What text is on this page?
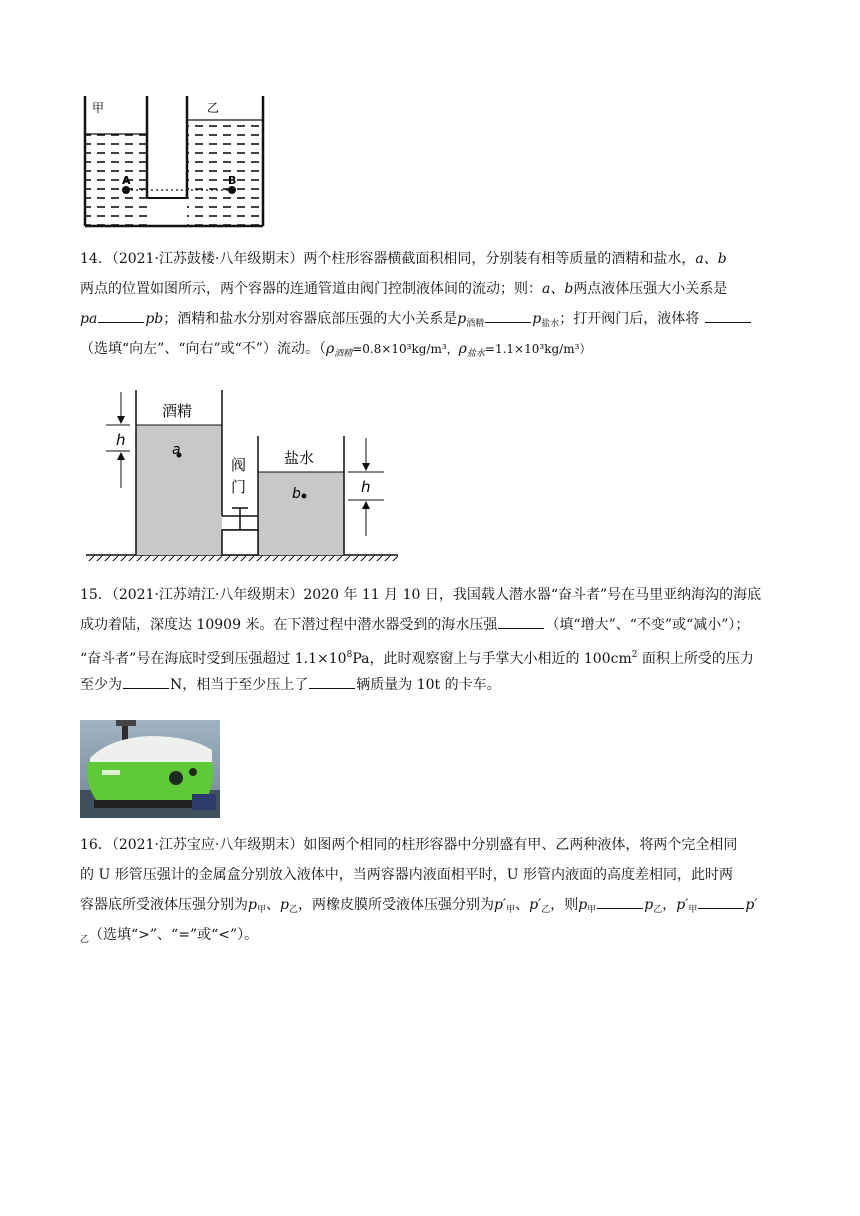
甲	乙
A	B
14．（2021·江苏鼓楼·八年级期末）两个柱形容器横截面积相同，分别装有相等质量的酒精和盐水，a、b
两点的位置如图所示，两个容器的连通管道由阀门控制液体间的流动；则：a、b两点液体压强大小关系是
pa	pb；酒精和盐水分别对容器底部压强的大小关系是$p_{酒精}$	$p_{盐水}$；打开阀门后，液体将
（选填“向左”、“向右”或“不”）流动。（$\rho_{酒精}=0.8\times 10^3kg/m^3$，$\rho_{盐水}=1.1\times 10^3kg/m^3$）
酒精
盐水
阀
门
h
h
a
b
15．（2021·江苏靖江·八年级期末）2020 年 11 月 10 日，我国载人潜水器“奋斗者”号在马里亚纳海沟的海底
成功着陆，深度达 10909 米。在下潜过程中潜水器受到的海水压强	（填“增大”、“不变”或“减小”）；
“奋斗者”号在海底时受到压强超过 $1.1\times 10^8Pa$，此时观察窗上与手掌大小相近的 $100cm^2$ 面积上所受的压力
至少为	N，相当于至少压上了	辆质量为 10t 的卡车。
16．（2021·江苏宝应·八年级期末）如图两个相同的柱形容器中分别盛有甲、乙两种液体，将两个完全相同
的 U 形管压强计的金属盒分别放入液体中，当两容器内液面相平时，U 形管内液面的高度差相同，此时两
容器底所受液体压强分别为$p_甲$、$p_乙$，两橡皮膜所受液体压强分别为$p'_甲$、$p'_乙$，则$p_甲$	$p_乙$，$p'_甲$	p′
$_乙$（选填“>”、“=”或“<”）。
